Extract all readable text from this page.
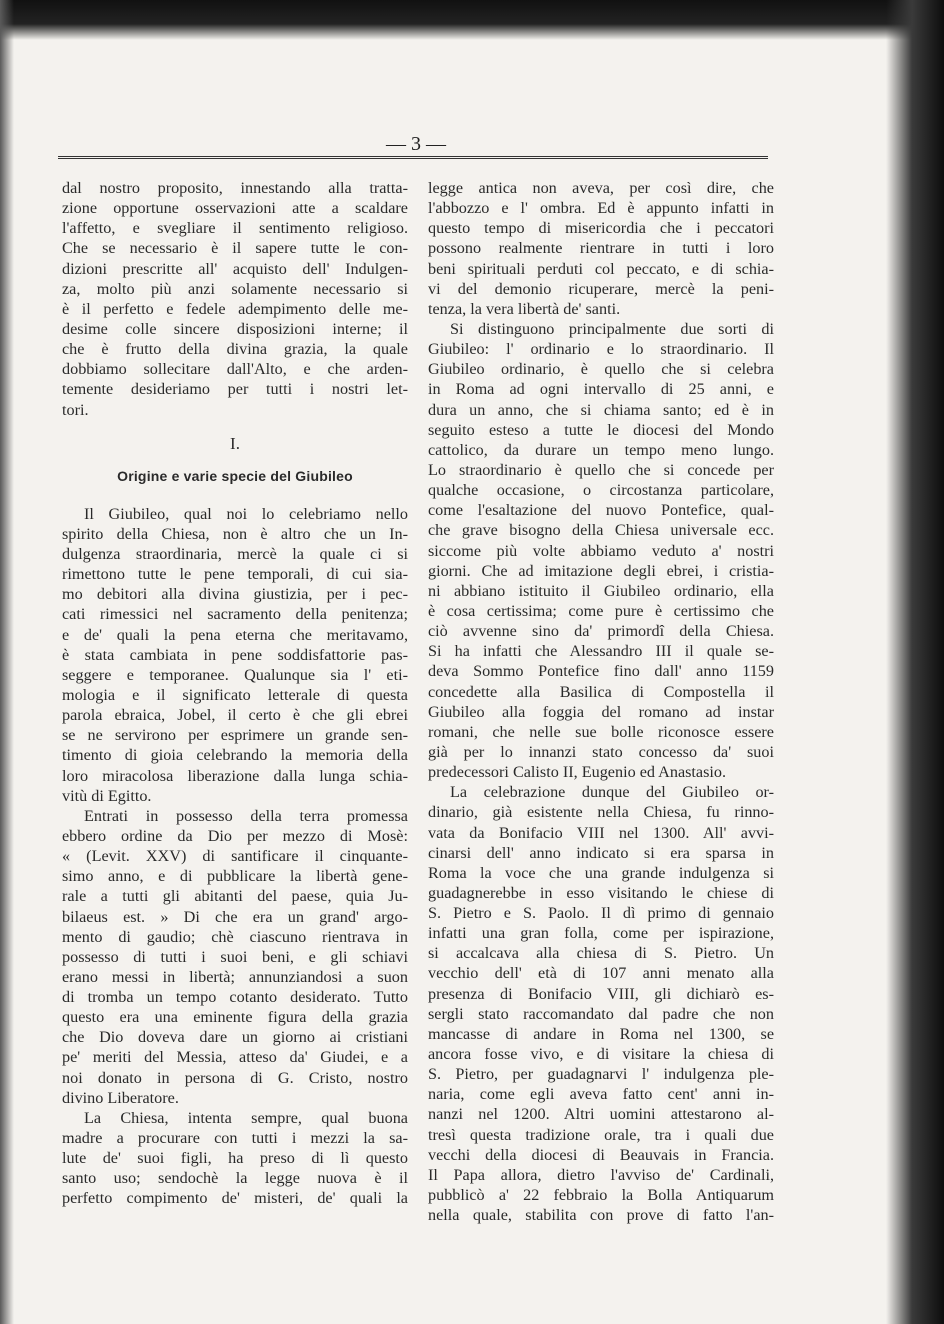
— 3 —
dal nostro proposito, innestando alla tratta-
zione opportune osservazioni atte a scaldare
l'affetto, e svegliare il sentimento religioso.
Che se necessario è il sapere tutte le con-
dizioni prescritte all' acquisto dell' Indulgen-
za, molto più anzi solamente necessario si
è il perfetto e fedele adempimento delle me-
desime colle sincere disposizioni interne; il
che è frutto della divina grazia, la quale
dobbiamo sollecitare dall'Alto, e che arden-
temente desideriamo per tutti i nostri let-
tori.
I.
Origine e varie specie del Giubileo
Il Giubileo, qual noi lo celebriamo nello
spirito della Chiesa, non è altro che un In-
dulgenza straordinaria, mercè la quale ci si
rimettono tutte le pene temporali, di cui sia-
mo debitori alla divina giustizia, per i pec-
cati rimessici nel sacramento della penitenza;
e de' quali la pena eterna che meritavamo,
è stata cambiata in pene soddisfattorie pas-
seggere e temporanee. Qualunque sia l' eti-
mologia e il significato letterale di questa
parola ebraica, Jobel, il certo è che gli ebrei
se ne servirono per esprimere un grande sen-
timento di gioia celebrando la memoria della
loro miracolosa liberazione dalla lunga schia-
vitù di Egitto.
Entrati in possesso della terra promessa
ebbero ordine da Dio per mezzo di Mosè:
« (Levit. XXV) di santificare il cinquante-
simo anno, e di pubblicare la libertà gene-
rale a tutti gli abitanti del paese, quia Ju-
bilaeus est. » Di che era un grand' argo-
mento di gaudio; chè ciascuno rientrava in
possesso di tutti i suoi beni, e gli schiavi
erano messi in libertà; annunziandosi a suon
di tromba un tempo cotanto desiderato. Tutto
questo era una eminente figura della grazia
che Dio doveva dare un giorno ai cristiani
pe' meriti del Messia, atteso da' Giudei, e a
noi donato in persona di G. Cristo, nostro
divino Liberatore.
La Chiesa, intenta sempre, qual buona
madre a procurare con tutti i mezzi la sa-
lute de' suoi figli, ha preso di lì questo
santo uso; sendochè la legge nuova è il
perfetto compimento de' misteri, de' quali la
legge antica non aveva, per così dire, che
l'abbozzo e l' ombra. Ed è appunto infatti in
questo tempo di misericordia che i peccatori
possono realmente rientrare in tutti i loro
beni spirituali perduti col peccato, e di schia-
vi del demonio ricuperare, mercè la peni-
tenza, la vera libertà de' santi.
Si distinguono principalmente due sorti di
Giubileo: l' ordinario e lo straordinario. Il
Giubileo ordinario, è quello che si celebra
in Roma ad ogni intervallo di 25 anni, e
dura un anno, che si chiama santo; ed è in
seguito esteso a tutte le diocesi del Mondo
cattolico, da durare un tempo meno lungo.
Lo straordinario è quello che si concede per
qualche occasione, o circostanza particolare,
come l'esaltazione del nuovo Pontefice, qual-
che grave bisogno della Chiesa universale ecc.
siccome più volte abbiamo veduto a' nostri
giorni. Che ad imitazione degli ebrei, i cristia-
ni abbiano istituito il Giubileo ordinario, ella
è cosa certissima; come pure è certissimo che
ciò avvenne sino da' primordî della Chiesa.
Si ha infatti che Alessandro III il quale se-
deva Sommo Pontefice fino dall' anno 1159
concedette alla Basilica di Compostella il
Giubileo alla foggia del romano ad instar
romani, che nelle sue bolle riconosce essere
già per lo innanzi stato concesso da' suoi
predecessori Calisto II, Eugenio ed Anastasio.
La celebrazione dunque del Giubileo or-
dinario, già esistente nella Chiesa, fu rinno-
vata da Bonifacio VIII nel 1300. All' avvi-
cinarsi dell' anno indicato si era sparsa in
Roma la voce che una grande indulgenza si
guadagnerebbe in esso visitando le chiese di
S. Pietro e S. Paolo. Il dì primo di gennaio
infatti una gran folla, come per ispirazione,
si accalcava alla chiesa di S. Pietro. Un
vecchio dell' età di 107 anni menato alla
presenza di Bonifacio VIII, gli dichiarò es-
sergli stato raccomandato dal padre che non
mancasse di andare in Roma nel 1300, se
ancora fosse vivo, e di visitare la chiesa di
S. Pietro, per guadagnarvi l' indulgenza ple-
naria, come egli aveva fatto cent' anni in-
nanzi nel 1200. Altri uomini attestarono al-
tresì questa tradizione orale, tra i quali due
vecchi della diocesi di Beauvais in Francia.
Il Papa allora, dietro l'avviso de' Cardinali,
pubblicò a' 22 febbraio la Bolla Antiquarum
nella quale, stabilita con prove di fatto l'an-
